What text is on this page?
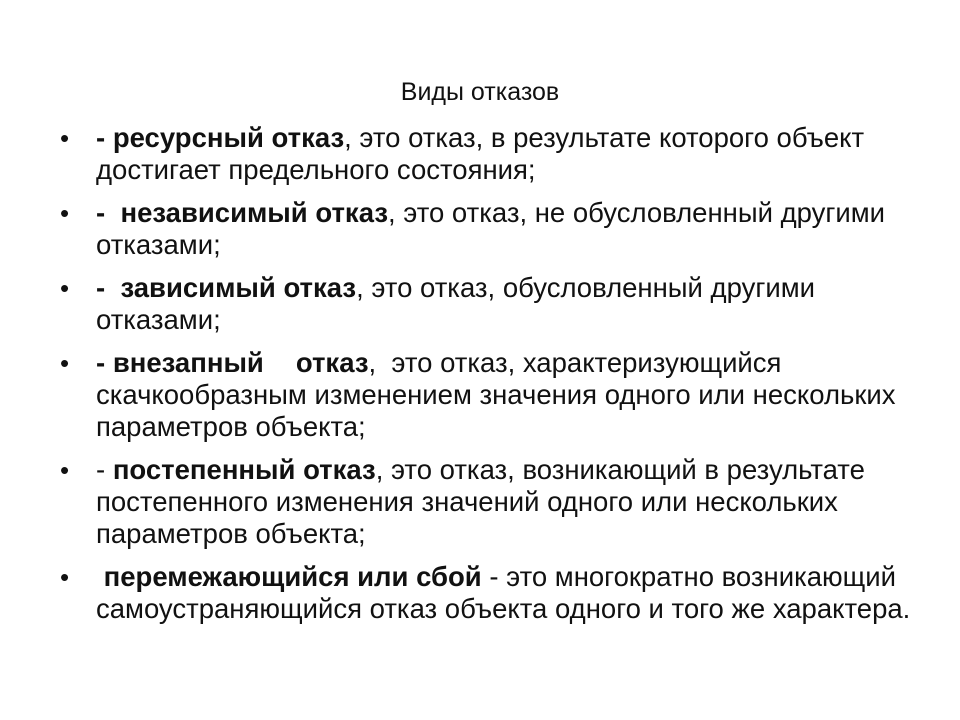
Виды отказов
• - ресурсный отказ, это отказ, в результате которого объект достигает предельного состояния;
• -  независимый отказ, это отказ, не обусловленный другими отказами;
• -  зависимый отказ, это отказ, обусловленный другими отказами;
• - внезапный отказ,  это отказ, характеризующийся скачкообразным изменением значения одного или нескольких параметров объекта;
• - постепенный отказ, это отказ, возникающий в результате постепенного изменения значений одного или нескольких параметров объекта;
• перемежающийся или сбой - это многократно возникающий самоустраняющийся отказ объекта одного и того же характера.
